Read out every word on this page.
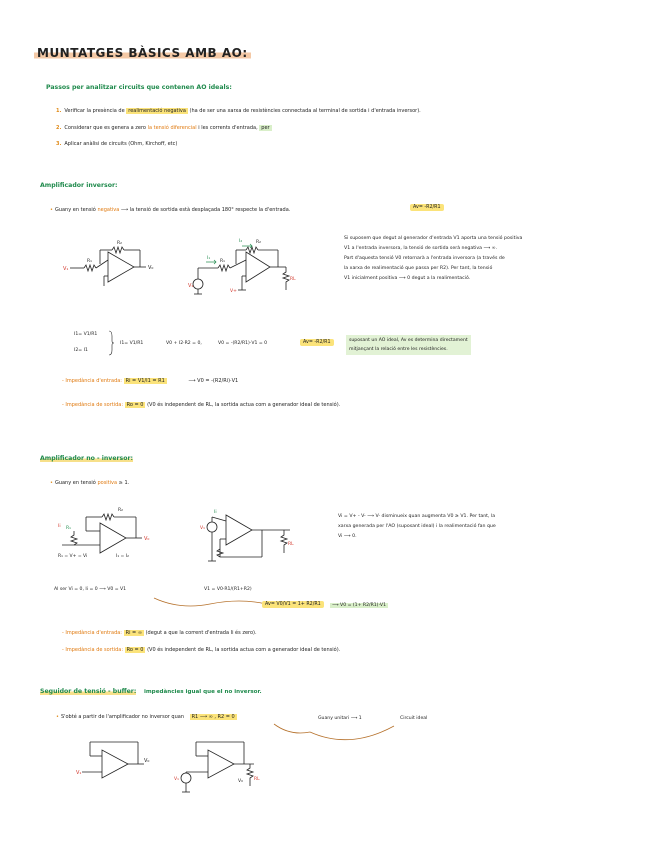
MUNTATGES BÀSICS AMB AO:
Passos per analitzar circuits que contenen AO ideals:
1. Verificar la presència de realimentació negativa (ha de ser una xarxa de resistències connectada al terminal de sortida i d'entrada inversor).
2. Considerar que es genera a zero la tensió diferencial i les corrents d'entrada, per
3. Aplicar anàlisi de circuits (Ohm, Kirchoff, etc)
Amplificador inversor:
• Guany en tensió negativa ⟶ la tensió de sortida està desplaçada 180° respecte la d'entrada.	Av= -R2/R1
V₁
R₁
R₂
V₀
V₁
I₁
I₂
R₁
R₂
RL
V+
Si suposem que degut al generador d'entrada V1 aporta una tensió positiva
V1 a l'entrada inversora, la tensió de sortida serà negativa ⟶ ∞.
Part d'aquesta tensió V0 retornarà a l'entrada inversora (a través de
la xarxa de realimentació que passa per R2). Per tant, la tensió
V1 inicialment positiva ⟶ 0 degut a la realimentació.
I1= V1/R1
I2= I1
I1= V1/R1	V0 + I2·R2 = 0,	V0 = -(R2/R1)·V1 = 0	Av= -R2/R1	suposant un AO ideal, Av es determina directament
mitjançant la relació entre les resistències.
- Impedància d'entrada: Ri = V1/I1 = R1	⟶ V0 = -(R2/Ri)·V1
- Impedància de sortida: Ro = 0 (V0 és independent de RL, la sortida actua com a generador ideal de tensió).
Amplificador no - inversor:
• Guany en tensió positiva ≥ 1.
Ii R₁
R₂
V₀
R₁ = V+ = Vi	I₁ = I₂
V₁
Ii
RL
Vi = V+ - V- ⟶ V- disminueix quan augmenta V0 ≥ V1. Per tant, la
xarxa generada per l'AO (suposant ideal) i la realimentació fan que
Vi ⟶ 0.
Al ser Vi = 0, Ii = 0 ⟶ V0 = V1	V1 = V0·R1/(R1+R2)
Av= V0/V1 = 1+ R2/R1	⟶ V0 = (1+ R2/R1)·V1
- Impedància d'entrada: Ri = ∞ (degut a que la corrent d'entrada Ii és zero).
- Impedància de sortida: Ro = 0 (V0 és independent de RL, la sortida actua com a generador ideal de tensió).
Seguidor de tensió - buffer: impedàncies igual que el no inversor.
• S'obté a partir de l'amplificador no inversor quan R1 ⟶ ∞ , R2 = 0	Guany unitari ⟶ 1	Circuit ideal
V₁
V₀
V₁	RL
V₀
